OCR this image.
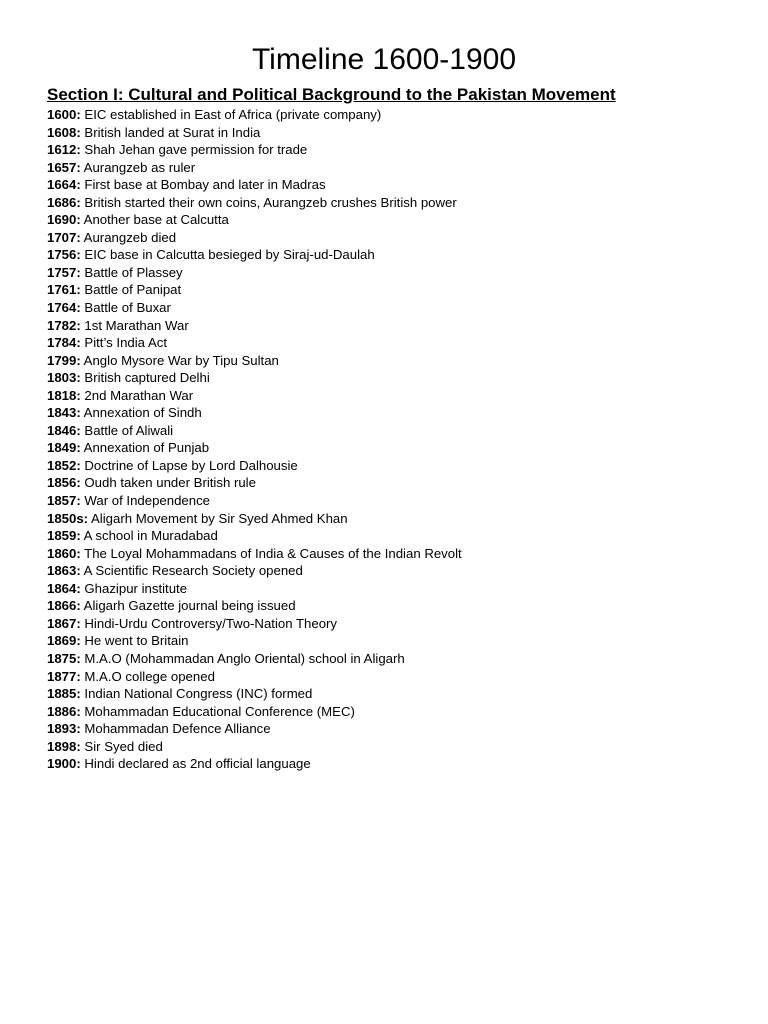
Timeline 1600-1900
Section I: Cultural and Political Background to the Pakistan Movement
1600: EIC established in East of Africa (private company)
1608: British landed at Surat in India
1612: Shah Jehan gave permission for trade
1657: Aurangzeb as ruler
1664: First base at Bombay and later in Madras
1686: British started their own coins, Aurangzeb crushes British power
1690: Another base at Calcutta
1707: Aurangzeb died
1756: EIC base in Calcutta besieged by Siraj-ud-Daulah
1757: Battle of Plassey
1761: Battle of Panipat
1764: Battle of Buxar
1782: 1st Marathan War
1784: Pitt’s India Act
1799: Anglo Mysore War by Tipu Sultan
1803: British captured Delhi
1818: 2nd Marathan War
1843: Annexation of Sindh
1846: Battle of Aliwali
1849: Annexation of Punjab
1852: Doctrine of Lapse by Lord Dalhousie
1856: Oudh taken under British rule
1857: War of Independence
1850s: Aligarh Movement by Sir Syed Ahmed Khan
1859: A school in Muradabad
1860: The Loyal Mohammadans of India & Causes of the Indian Revolt
1863: A Scientific Research Society opened
1864: Ghazipur institute
1866: Aligarh Gazette journal being issued
1867: Hindi-Urdu Controversy/Two-Nation Theory
1869: He went to Britain
1875: M.A.O (Mohammadan Anglo Oriental) school in Aligarh
1877: M.A.O college opened
1885: Indian National Congress (INC) formed
1886: Mohammadan Educational Conference (MEC)
1893: Mohammadan Defence Alliance
1898: Sir Syed died
1900: Hindi declared as 2nd official language
